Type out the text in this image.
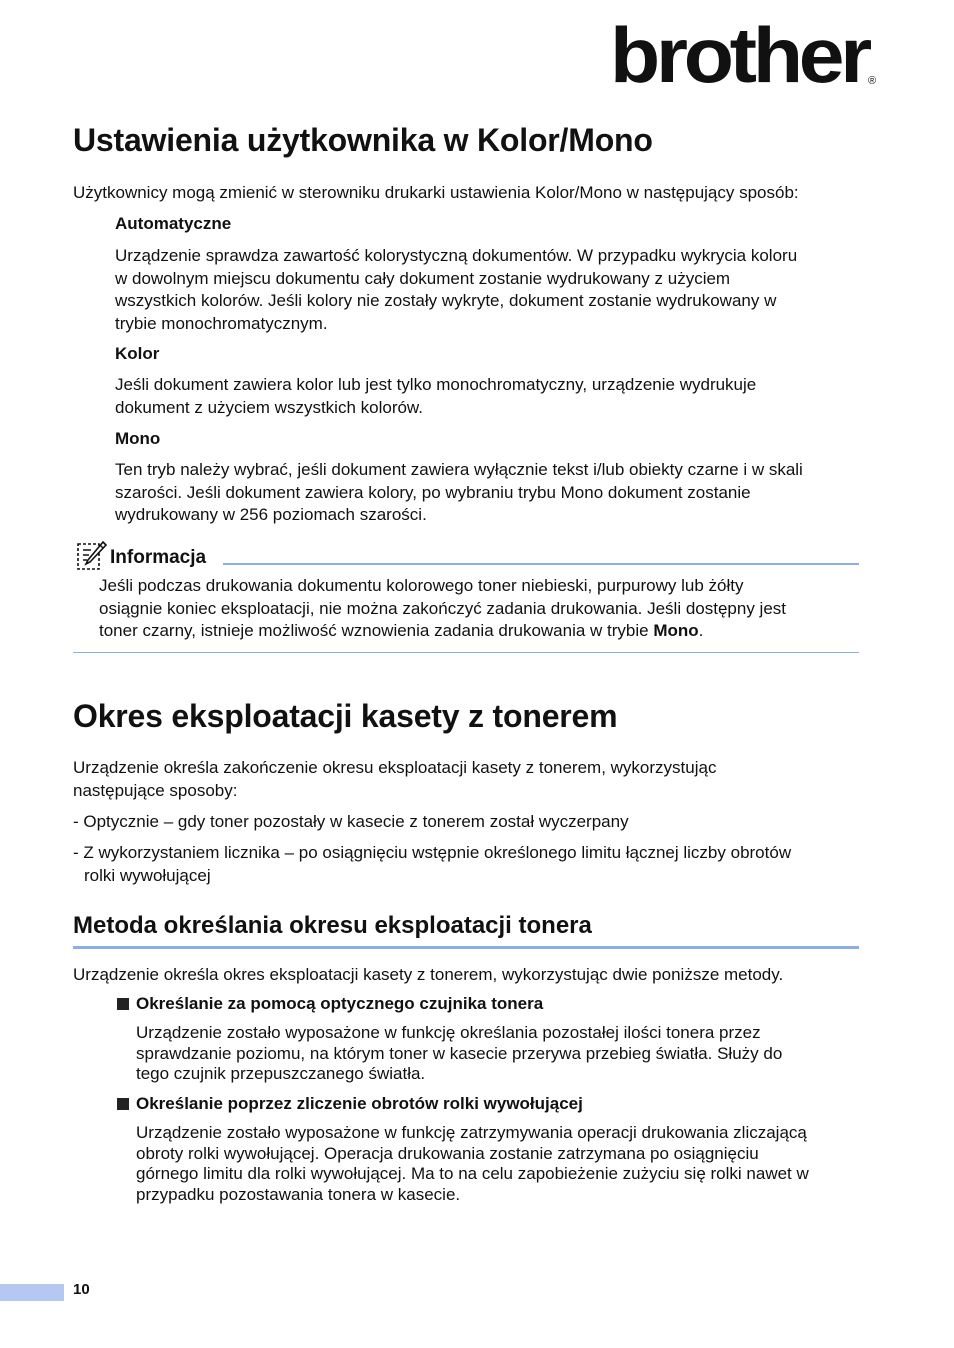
brother
®
Ustawienia użytkownika w Kolor/Mono

Użytkownicy mogą zmienić w sterowniku drukarki ustawienia Kolor/Mono w następujący sposób:

Automatyczne

Urządzenie sprawdza zawartość kolorystyczną dokumentów. W przypadku wykrycia koloru

w dowolnym miejscu dokumentu cały dokument zostanie wydrukowany z użyciem

wszystkich kolorów. Jeśli kolory nie zostały wykryte, dokument zostanie wydrukowany w

trybie monochromatycznym.

Kolor

Jeśli dokument zawiera kolor lub jest tylko monochromatyczny, urządzenie wydrukuje

dokument z użyciem wszystkich kolorów.

Mono

Ten tryb należy wybrać, jeśli dokument zawiera wyłącznie tekst i/lub obiekty czarne i w skali

szarości. Jeśli dokument zawiera kolory, po wybraniu trybu Mono dokument zostanie

wydrukowany w 256 poziomach szarości.

Informacja

Jeśli podczas drukowania dokumentu kolorowego toner niebieski, purpurowy lub żółty

osiągnie koniec eksploatacji, nie można zakończyć zadania drukowania. Jeśli dostępny jest

toner czarny, istnieje możliwość wznowienia zadania drukowania w trybie Mono.

Okres eksploatacji kasety z tonerem

Urządzenie określa zakończenie okresu eksploatacji kasety z tonerem, wykorzystując

następujące sposoby:

- Optycznie – gdy toner pozostały w kasecie z tonerem został wyczerpany

- Z wykorzystaniem licznika – po osiągnięciu wstępnie określonego limitu łącznej liczby obrotów

rolki wywołującej

Metoda określania okresu eksploatacji tonera

Urządzenie określa okres eksploatacji kasety z tonerem, wykorzystując dwie poniższe metody.

Określanie za pomocą optycznego czujnika tonera

Urządzenie zostało wyposażone w funkcję określania pozostałej ilości tonera przez

sprawdzanie poziomu, na którym toner w kasecie przerywa przebieg światła. Służy do

tego czujnik przepuszczanego światła.

Określanie poprzez zliczenie obrotów rolki wywołującej

Urządzenie zostało wyposażone w funkcję zatrzymywania operacji drukowania zliczającą

obroty rolki wywołującej. Operacja drukowania zostanie zatrzymana po osiągnięciu

górnego limitu dla rolki wywołującej. Ma to na celu zapobieżenie zużyciu się rolki nawet w

przypadku pozostawania tonera w kasecie.

10
